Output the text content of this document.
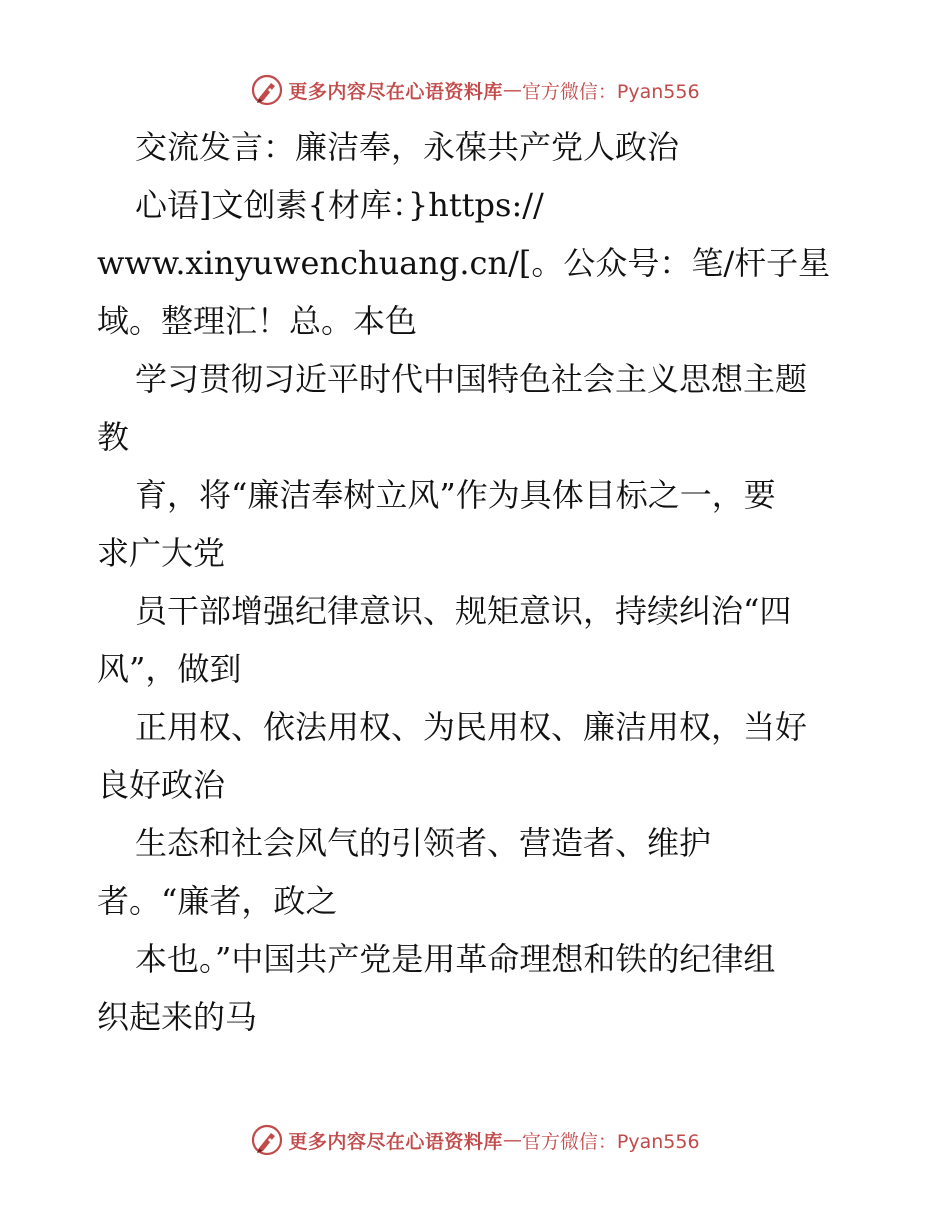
更多内容尽在心语资料库 — 官方微信：Pyan556
交流发言：廉洁奉，永葆共产党人政治
心语]文创素{材库：}https://
www.xinyuwenchuang.cn/[。公众号：笔/杆子星
域。整理汇！总。本色
学习贯彻习近平时代中国特色社会主义思想主题
教
育，将“廉洁奉树立风”作为具体目标之一，要
求广大党
员干部增强纪律意识、规矩意识，持续纠治“四
风”，做到
正用权、依法用权、为民用权、廉洁用权，当好
良好政治
生态和社会风气的引领者、营造者、维护
者。“廉者，政之
本也。”中国共产党是用革命理想和铁的纪律组
织起来的马
更多内容尽在心语资料库 — 官方微信：Pyan556
